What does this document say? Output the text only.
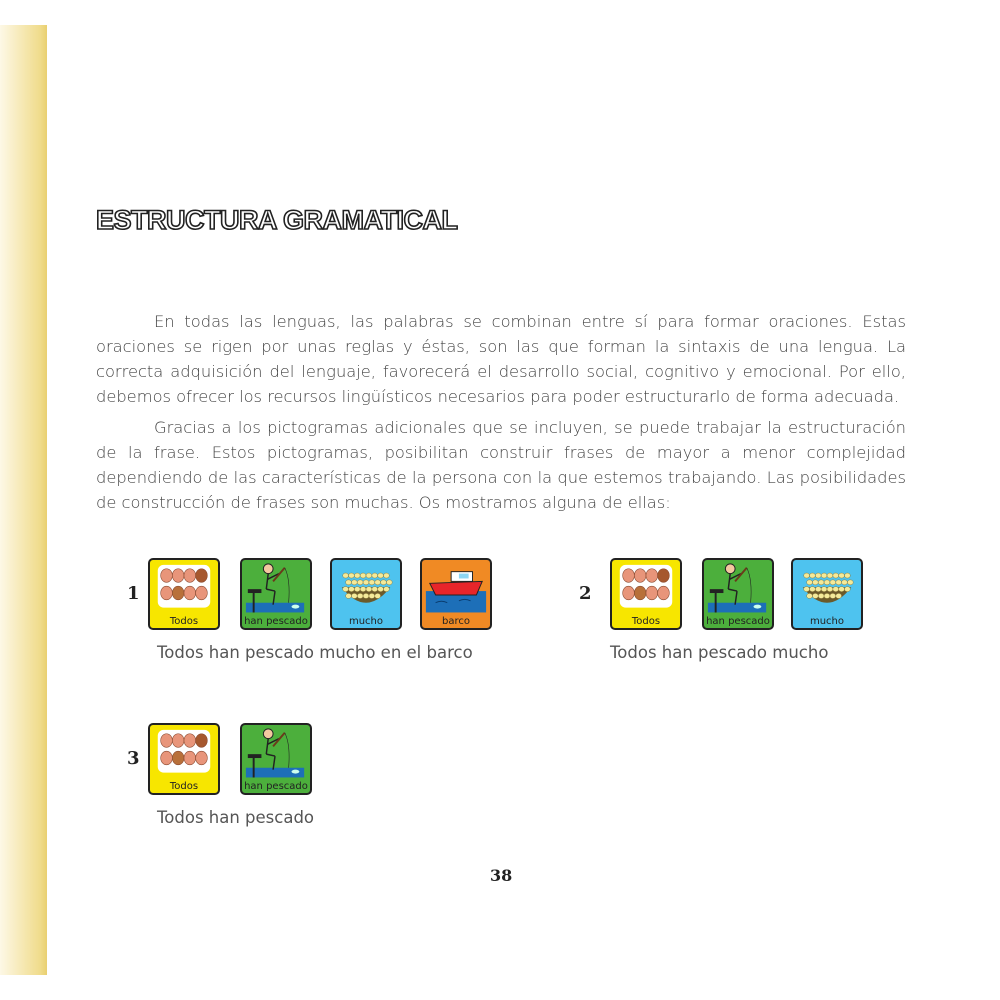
ESTRUCTURA GRAMATICAL

En todas las lenguas, las palabras se combinan entre sí para formar oraciones. Estas oraciones se rigen por unas reglas y éstas, son las que forman la sintaxis de una lengua. La correcta adquisición del lenguaje, favorecerá el desarrollo social, cognitivo y emocional. Por ello, debemos ofrecer los recursos lingüísticos necesarios para poder estructurarlo de forma adecuada.

Gracias a los pictogramas adicionales que se incluyen, se puede trabajar la estructuración de la frase. Estos pictogramas, posibilitan construir frases de mayor a menor complejidad dependiendo de las características de la persona con la que estemos trabajando. Las posibilidades de construcción de frases son muchas. Os mostramos alguna de ellas:

1
Todos	han pescado	mucho	barco
Todos han pescado mucho en el barco
2
Todos	han pescado	mucho
Todos han pescado mucho
3
Todos	han pescado
Todos han pescado
38
